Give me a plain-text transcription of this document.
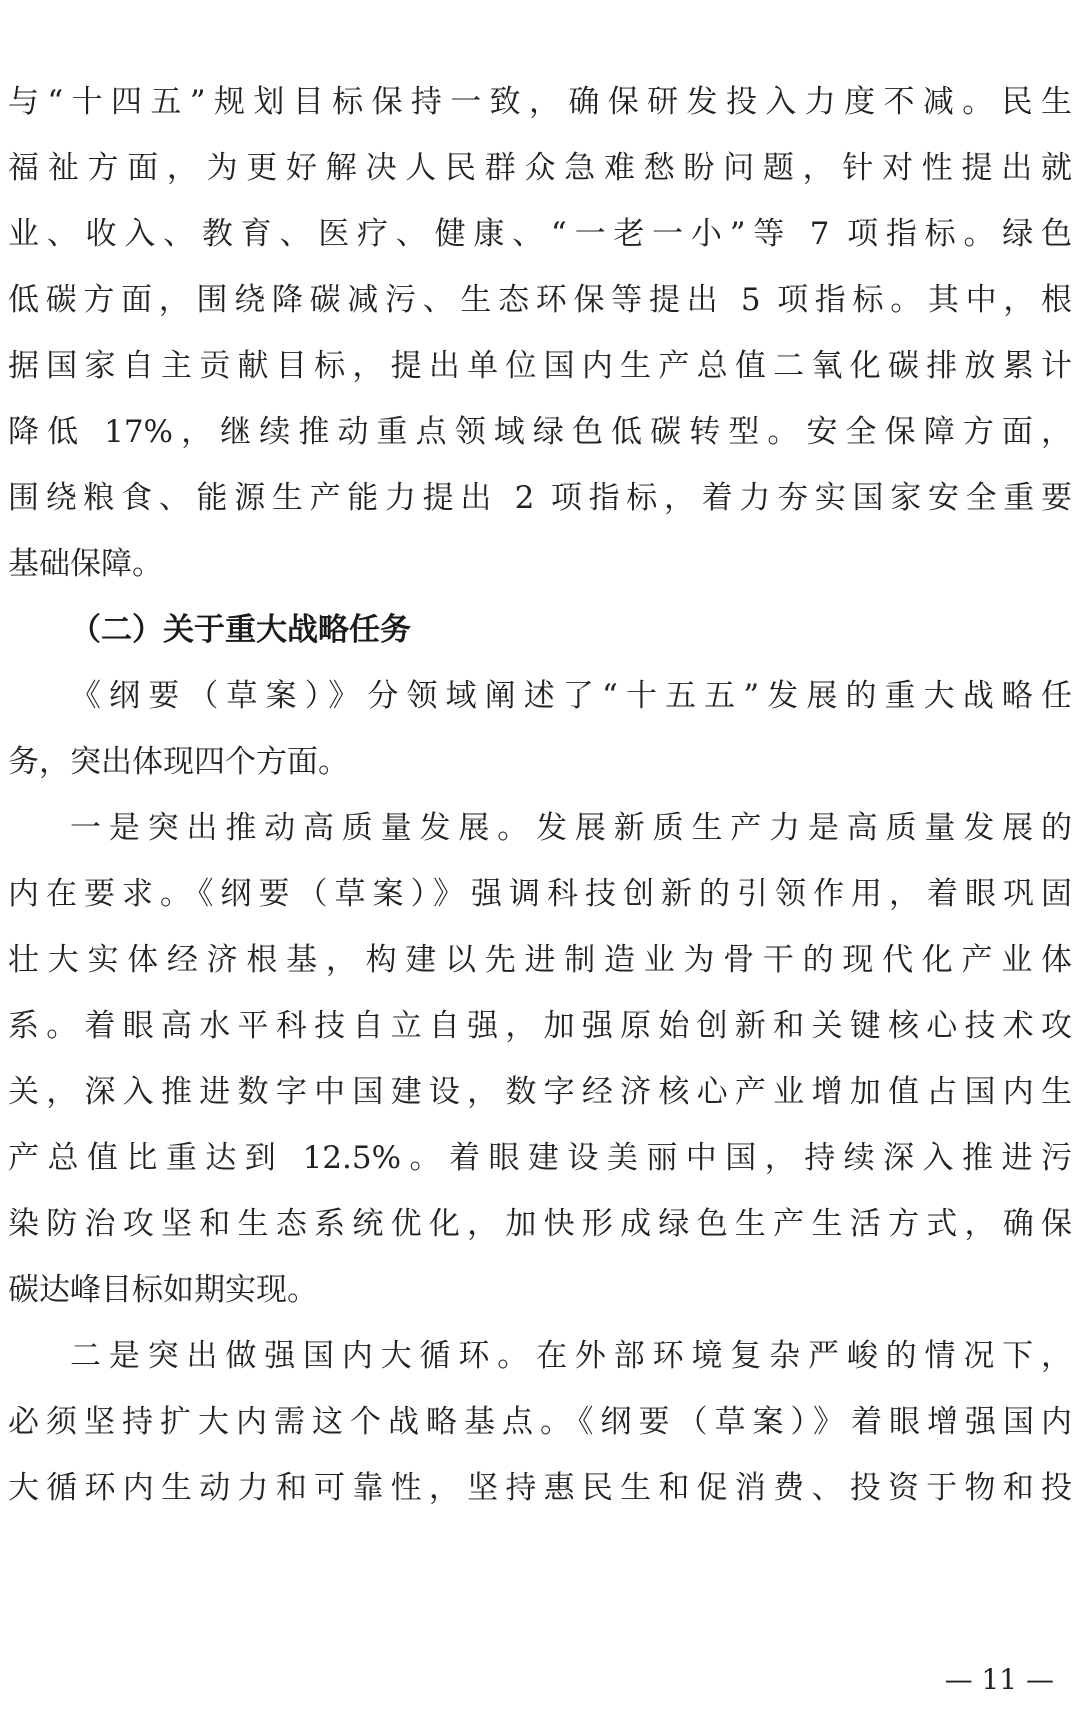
与“十四五”规划目标保持一致，确保研发投入力度不减。民生
福祉方面，为更好解决人民群众急难愁盼问题，针对性提出就
业、收入、教育、医疗、健康、“一老一小”等 7 项指标。绿色
低碳方面，围绕降碳减污、生态环保等提出 5 项指标。其中，根
据国家自主贡献目标，提出单位国内生产总值二氧化碳排放累计
降低 17%，继续推动重点领域绿色低碳转型。安全保障方面，
围绕粮食、能源生产能力提出 2 项指标，着力夯实国家安全重要
基础保障。
（二）关于重大战略任务
《纲要（草案）》分领域阐述了“十五五”发展的重大战略任
务，突出体现四个方面。
一是突出推动高质量发展。发展新质生产力是高质量发展的
内在要求。《纲要（草案）》强调科技创新的引领作用，着眼巩固
壮大实体经济根基，构建以先进制造业为骨干的现代化产业体
系。着眼高水平科技自立自强，加强原始创新和关键核心技术攻
关，深入推进数字中国建设，数字经济核心产业增加值占国内生
产总值比重达到 12.5%。着眼建设美丽中国，持续深入推进污
染防治攻坚和生态系统优化，加快形成绿色生产生活方式，确保
碳达峰目标如期实现。
二是突出做强国内大循环。在外部环境复杂严峻的情况下，
必须坚持扩大内需这个战略基点。《纲要（草案）》着眼增强国内
大循环内生动力和可靠性，坚持惠民生和促消费、投资于物和投
— 11 —
